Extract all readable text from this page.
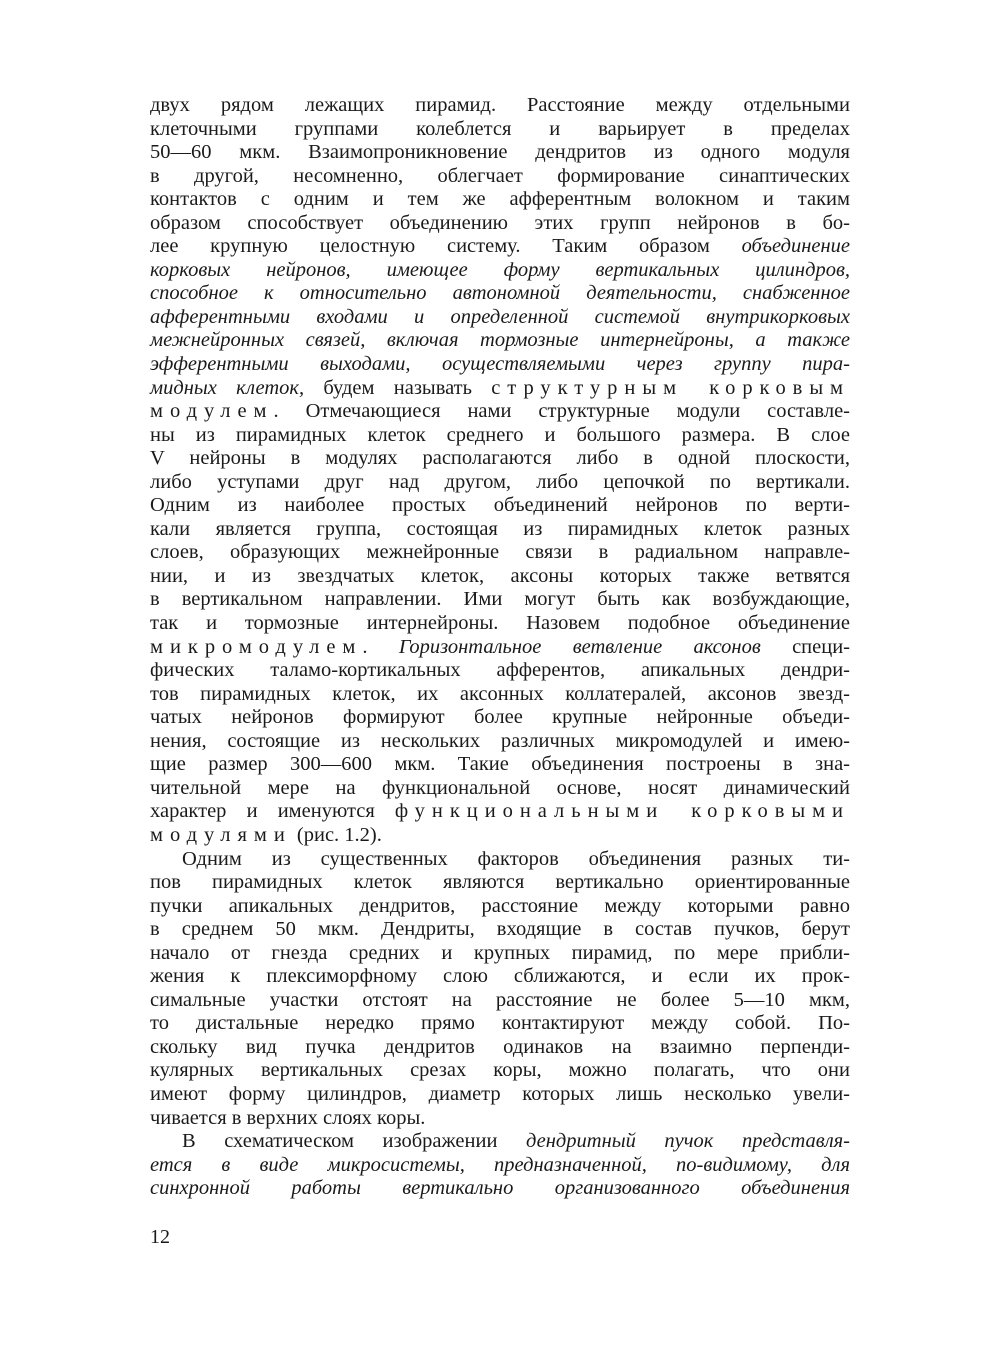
двух рядом лежащих пирамид. Расстояние между отдельными
клеточными группами колеблется и варьирует в пределах
50—60 мкм. Взаимопроникновение дендритов из одного модуля
в другой, несомненно, облегчает формирование синаптических
контактов с одним и тем же афферентным волокном и таким
образом способствует объединению этих групп нейронов в бо-
лее крупную целостную систему. Таким образом объединение
корковых нейронов, имеющее форму вертикальных цилиндров,
способное к относительно автономной деятельности, снабженное
афферентными входами и определенной системой внутрикорковых
межнейронных связей, включая тормозные интернейроны, а также
эфферентными выходами, осуществляемыми через группу пира-
мидных клеток, будем называть структурным корковым
модулем. Отмечающиеся нами структурные модули составле-
ны из пирамидных клеток среднего и большого размера. В слое
V нейроны в модулях располагаются либо в одной плоскости,
либо уступами друг над другом, либо цепочкой по вертикали.
Одним из наиболее простых объединений нейронов по верти-
кали является группа, состоящая из пирамидных клеток разных
слоев, образующих межнейронные связи в радиальном направле-
нии, и из звездчатых клеток, аксоны которых также ветвятся
в вертикальном направлении. Ими могут быть как возбуждающие,
так и тормозные интернейроны. Назовем подобное объединение
микромодулем. Горизонтальное ветвление аксонов специ-
фических таламо-кортикальных афферентов, апикальных дендри-
тов пирамидных клеток, их аксонных коллатералей, аксонов звезд-
чатых нейронов формируют более крупные нейронные объеди-
нения, состоящие из нескольких различных микромодулей и имею-
щие размер 300—600 мкм. Такие объединения построены в зна-
чительной мере на функциональной основе, носят динамический
характер и именуются функциональными корковыми
модулями (рис. 1.2).
Одним из существенных факторов объединения разных ти-
пов пирамидных клеток являются вертикально ориентированные
пучки апикальных дендритов, расстояние между которыми равно
в среднем 50 мкм. Дендриты, входящие в состав пучков, берут
начало от гнезда средних и крупных пирамид, по мере прибли-
жения к плексиморфному слою сближаются, и если их прок-
симальные участки отстоят на расстояние не более 5—10 мкм,
то дистальные нередко прямо контактируют между собой. По-
скольку вид пучка дендритов одинаков на взаимно перпенди-
кулярных вертикальных срезах коры, можно полагать, что они
имеют форму цилиндров, диаметр которых лишь несколько увели-
чивается в верхних слоях коры.
В схематическом изображении дендритный пучок представля-
ется в виде микросистемы, предназначенной, по-видимому, для
синхронной работы вертикально организованного объединения
12
